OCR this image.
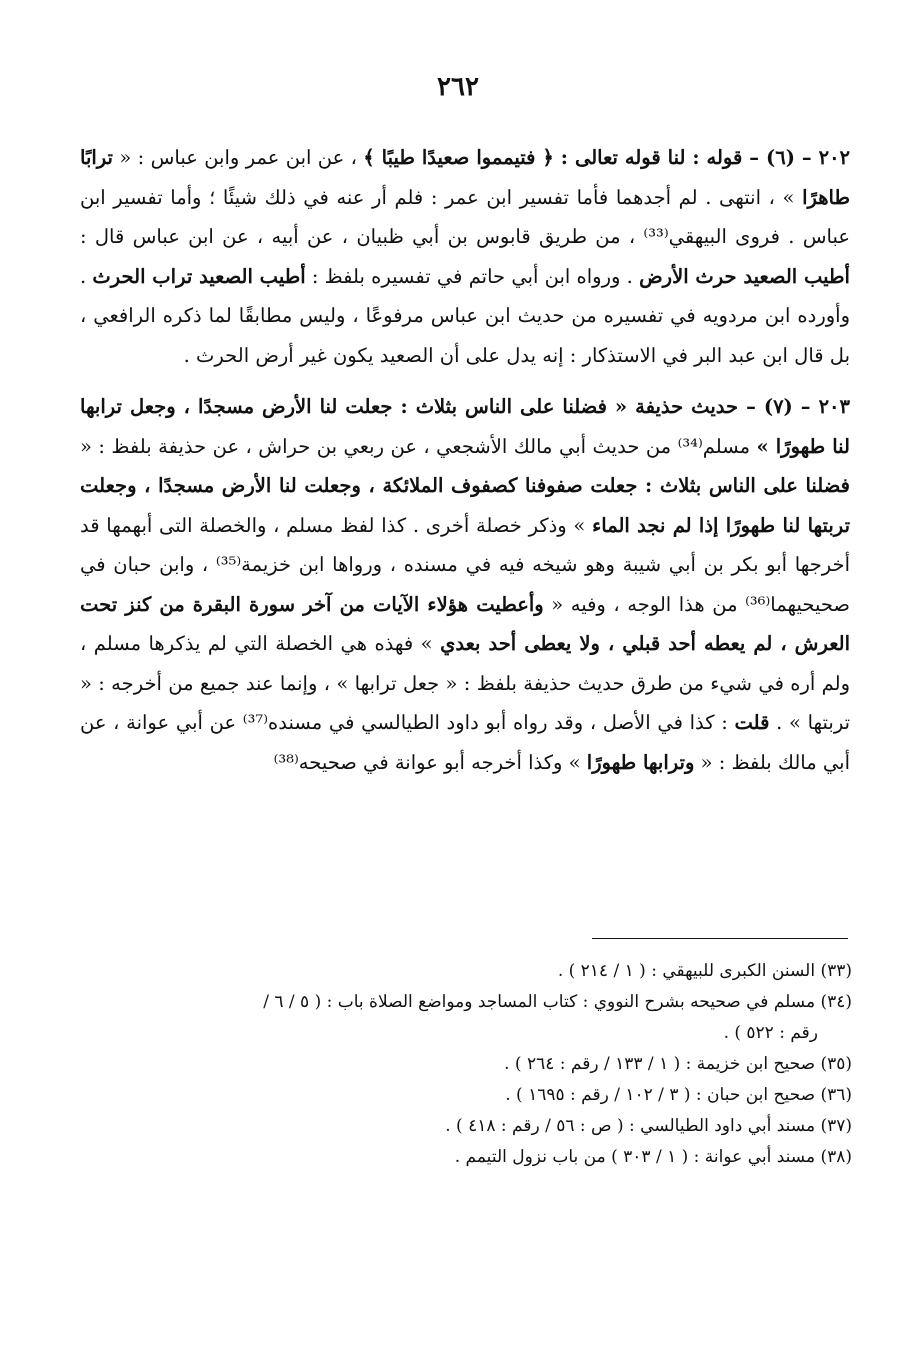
٢٦٢

٢٠٢ – (٦) – قوله : لنا قوله تعالى : ﴿ فتيمموا صعيدًا طيبًا ﴾ ، عن ابن عمر وابن عباس : « ترابًا طاهرًا » ، انتهى . لم أجدهما فأما تفسير ابن عمر : فلم أر عنه في ذلك شيئًا ؛ وأما تفسير ابن عباس . فروى البيهقي⁽³³⁾ ، من طريق قابوس بن أبي ظبيان ، عن أبيه ، عن ابن عباس قال : أطيب الصعيد حرث الأرض . ورواه ابن أبي حاتم في تفسيره بلفظ : أطيب الصعيد تراب الحرث . وأورده ابن مردويه في تفسيره من حديث ابن عباس مرفوعًا ، وليس مطابقًا لما ذكره الرافعي ، بل قال ابن عبد البر في الاستذكار : إنه يدل على أن الصعيد يكون غير أرض الحرث .

٢٠٣ – (٧) – حديث حذيفة « فضلنا على الناس بثلاث : جعلت لنا الأرض مسجدًا ، وجعل ترابها لنا طهورًا » مسلم⁽³⁴⁾ من حديث أبي مالك الأشجعي ، عن ربعي بن حراش ، عن حذيفة بلفظ : « فضلنا على الناس بثلاث : جعلت صفوفنا كصفوف الملائكة ، وجعلت لنا الأرض مسجدًا ، وجعلت تربتها لنا طهورًا إذا لم نجد الماء » وذكر خصلة أخرى . كذا لفظ مسلم ، والخصلة التى أبهمها قد أخرجها أبو بكر بن أبي شيبة وهو شيخه فيه في مسنده ، ورواها ابن خزيمة⁽³⁵⁾ ، وابن حبان في صحيحيهما⁽³⁶⁾ من هذا الوجه ، وفيه « وأعطيت هؤلاء الآيات من آخر سورة البقرة من كنز تحت العرش ، لم يعطه أحد قبلي ، ولا يعطى أحد بعدي » فهذه هي الخصلة التي لم يذكرها مسلم ، ولم أره في شيء من طرق حديث حذيفة بلفظ : « جعل ترابها » ، وإنما عند جميع من أخرجه : « تربتها » . قلت : كذا في الأصل ، وقد رواه أبو داود الطيالسي في مسنده⁽³⁷⁾ عن أبي عوانة ، عن أبي مالك بلفظ : « وترابها طهورًا » وكذا أخرجه أبو عوانة في صحيحه⁽³⁸⁾

(٣٣) السنن الكبرى للبيهقي : ( ١ / ٢١٤ ) .

(٣٤) مسلم في صحيحه بشرح النووي : كتاب المساجد ومواضع الصلاة باب : ( ٥ / ٦ /

رقم : ٥٢٢ ) .

(٣٥) صحيح ابن خزيمة : ( ١ / ١٣٣ / رقم : ٢٦٤ ) .

(٣٦) صحيح ابن حبان : ( ٣ / ١٠٢ / رقم : ١٦٩٥ ) .

(٣٧) مسند أبي داود الطيالسي : ( ص : ٥٦ / رقم : ٤١٨ ) .

(٣٨) مسند أبي عوانة : ( ١ / ٣٠٣ ) من باب نزول التيمم .
